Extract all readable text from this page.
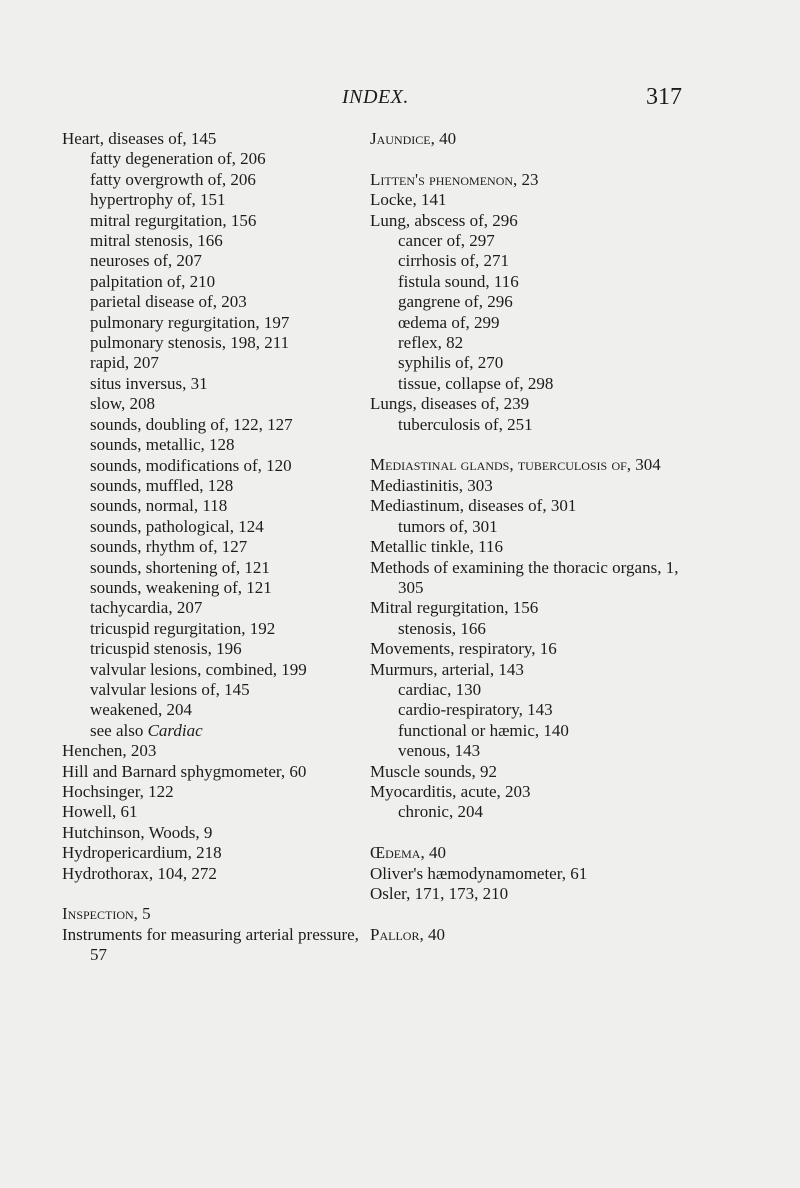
INDEX.	317
Heart, diseases of, 145
fatty degeneration of, 206
fatty overgrowth of, 206
hypertrophy of, 151
mitral regurgitation, 156
mitral stenosis, 166
neuroses of, 207
palpitation of, 210
parietal disease of, 203
pulmonary regurgitation, 197
pulmonary stenosis, 198, 211
rapid, 207
situs inversus, 31
slow, 208
sounds, doubling of, 122, 127
sounds, metallic, 128
sounds, modifications of, 120
sounds, muffled, 128
sounds, normal, 118
sounds, pathological, 124
sounds, rhythm of, 127
sounds, shortening of, 121
sounds, weakening of, 121
tachycardia, 207
tricuspid regurgitation, 192
tricuspid stenosis, 196
valvular lesions, combined, 199
valvular lesions of, 145
weakened, 204
see also Cardiac
Henchen, 203
Hill and Barnard sphygmometer, 60
Hochsinger, 122
Howell, 61
Hutchinson, Woods, 9
Hydropericardium, 218
Hydrothorax, 104, 272
Inspection, 5
Instruments for measuring arterial pressure, 57
Jaundice, 40
Litten's phenomenon, 23
Locke, 141
Lung, abscess of, 296
cancer of, 297
cirrhosis of, 271
fistula sound, 116
gangrene of, 296
œdema of, 299
reflex, 82
syphilis of, 270
tissue, collapse of, 298
Lungs, diseases of, 239
tuberculosis of, 251
Mediastinal glands, tuberculosis of, 304
Mediastinitis, 303
Mediastinum, diseases of, 301
tumors of, 301
Metallic tinkle, 116
Methods of examining the thoracic organs, 1, 305
Mitral regurgitation, 156
stenosis, 166
Movements, respiratory, 16
Murmurs, arterial, 143
cardiac, 130
cardio-respiratory, 143
functional or hæmic, 140
venous, 143
Muscle sounds, 92
Myocarditis, acute, 203
chronic, 204
Œdema, 40
Oliver's hæmodynamometer, 61
Osler, 171, 173, 210
Pallor, 40
